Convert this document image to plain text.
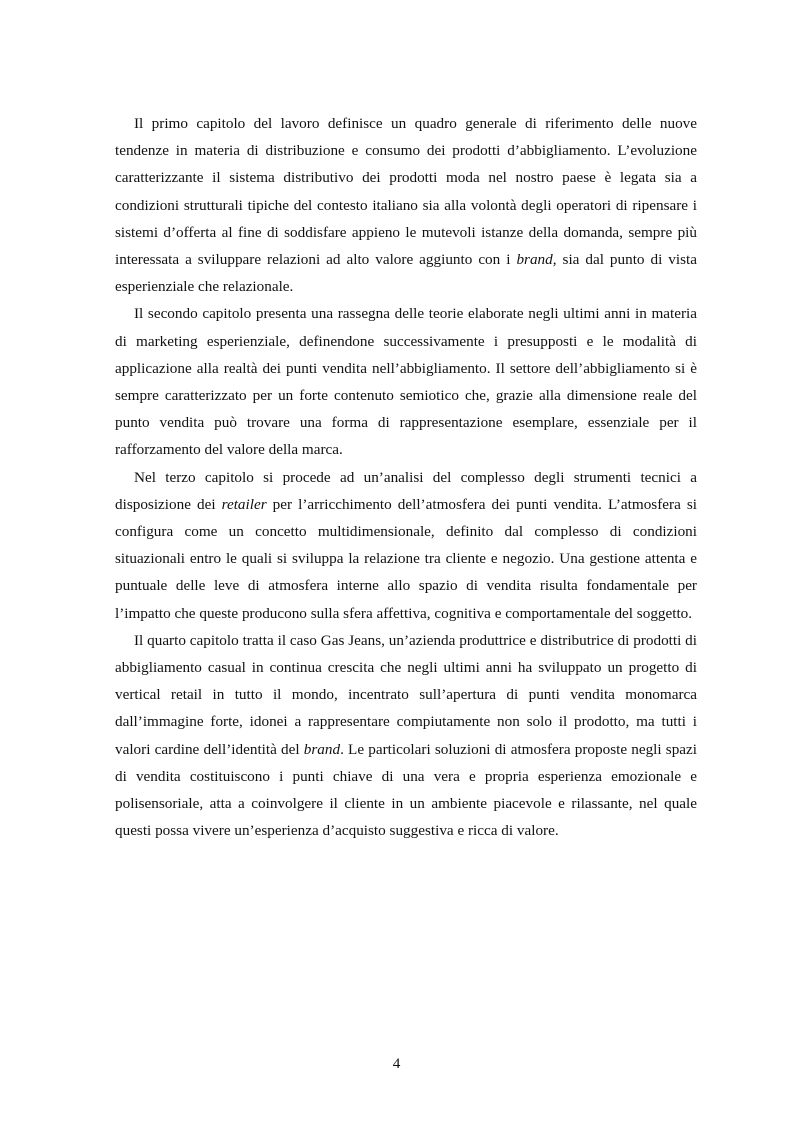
Il primo capitolo del lavoro definisce un quadro generale di riferimento delle nuove tendenze in materia di distribuzione e consumo dei prodotti d’abbigliamento. L’evoluzione caratterizzante il sistema distributivo dei prodotti moda nel nostro paese è legata sia a condizioni strutturali tipiche del contesto italiano sia alla volontà degli operatori di ripensare i sistemi d’offerta al fine di soddisfare appieno le mutevoli istanze della domanda, sempre più interessata a sviluppare relazioni ad alto valore aggiunto con i brand, sia dal punto di vista esperienziale che relazionale.

Il secondo capitolo presenta una rassegna delle teorie elaborate negli ultimi anni in materia di marketing esperienziale, definendone successivamente i presupposti e le modalità di applicazione alla realtà dei punti vendita nell’abbigliamento. Il settore dell’abbigliamento si è sempre caratterizzato per un forte contenuto semiotico che, grazie alla dimensione reale del punto vendita può trovare una forma di rappresentazione esemplare, essenziale per il rafforzamento del valore della marca.

Nel terzo capitolo si procede ad un’analisi del complesso degli strumenti tecnici a disposizione dei retailer per l’arricchimento dell’atmosfera dei punti vendita. L’atmosfera si configura come un concetto multidimensionale, definito dal complesso di condizioni situazionali entro le quali si sviluppa la relazione tra cliente e negozio. Una gestione attenta e puntuale delle leve di atmosfera interne allo spazio di vendita risulta fondamentale per l’impatto che queste producono sulla sfera affettiva, cognitiva e comportamentale del soggetto.

Il quarto capitolo tratta il caso Gas Jeans, un’azienda produttrice e distributrice di prodotti di abbigliamento casual in continua crescita che negli ultimi anni ha sviluppato un progetto di vertical retail in tutto il mondo, incentrato sull’apertura di punti vendita monomarca dall’immagine forte, idonei a rappresentare compiutamente non solo il prodotto, ma tutti i valori cardine dell’identità del brand. Le particolari soluzioni di atmosfera proposte negli spazi di vendita costituiscono i punti chiave di una vera e propria esperienza emozionale e polisensoriale, atta a coinvolgere il cliente in un ambiente piacevole e rilassante, nel quale questi possa vivere un’esperienza d’acquisto suggestiva e ricca di valore.

4
